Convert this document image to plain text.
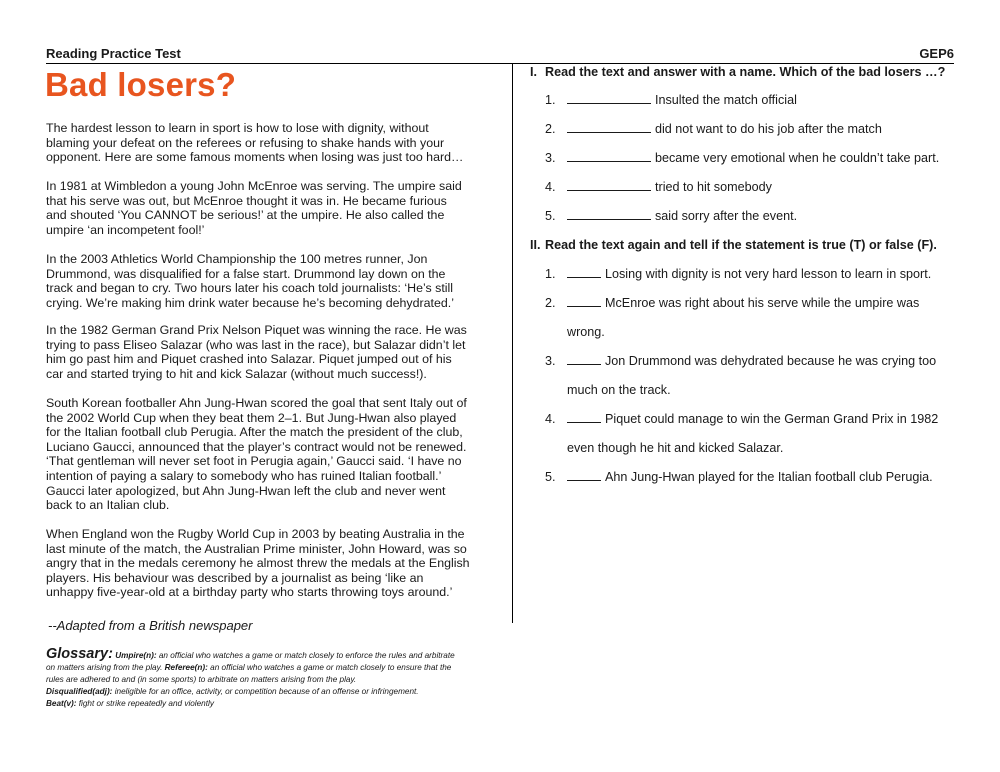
Reading Practice Test	GEP6
Bad losers?
The hardest lesson to learn in sport is how to lose with dignity, without
blaming your defeat on the referees or refusing to shake hands with your
opponent. Here are some famous moments when losing was just too hard…
In 1981 at Wimbledon a young John McEnroe was serving. The umpire said
that his serve was out, but McEnroe thought it was in. He became furious
and shouted ‘You CANNOT be serious!’ at the umpire. He also called the
umpire ‘an incompetent fool!’
In the 2003 Athletics World Championship the 100 metres runner, Jon
Drummond, was disqualified for a false start. Drummond lay down on the
track and began to cry. Two hours later his coach told journalists: ‘He’s still
crying. We’re making him drink water because he’s becoming dehydrated.’
In the 1982 German Grand Prix Nelson Piquet was winning the race. He was
trying to pass Eliseo Salazar (who was last in the race), but Salazar didn’t let
him go past him and Piquet crashed into Salazar. Piquet jumped out of his
car and started trying to hit and kick Salazar (without much success!).
South Korean footballer Ahn Jung-Hwan scored the goal that sent Italy out of
the 2002 World Cup when they beat them 2–1. But Jung-Hwan also played
for the Italian football club Perugia. After the match the president of the club,
Luciano Gaucci, announced that the player’s contract would not be renewed.
‘That gentleman will never set foot in Perugia again,’ Gaucci said. ‘I have no
intention of paying a salary to somebody who has ruined Italian football.’
Gaucci later apologized, but Ahn Jung-Hwan left the club and never went
back to an Italian club.
When England won the Rugby World Cup in 2003 by beating Australia in the
last minute of the match, the Australian Prime minister, John Howard, was so
angry that in the medals ceremony he almost threw the medals at the English
players. His behaviour was described by a journalist as being ‘like an
unhappy five-year-old at a birthday party who starts throwing toys around.’
--Adapted from a British newspaper
Glossary: Umpire(n): an official who watches a game or match closely to enforce the rules and arbitrate on matters arising from the play. Referee(n): an official who watches a game or match closely to ensure that the rules are adhered to and (in some sports) to arbitrate on matters arising from the play.
Disqualified(adj): ineligible for an office, activity, or competition because of an offense or infringement.
Beat(v): fight or strike repeatedly and violently
I. Read the text and answer with a name. Which of the bad losers …?
1.	Insulted the match official
2.	did not want to do his job after the match
3.	became very emotional when he couldn’t take part.
4.	tried to hit somebody
5.	said sorry after the event.
II. Read the text again and tell if the statement is true (T) or false (F).
1.	Losing with dignity is not very hard lesson to learn in sport.
2.	McEnroe was right about his serve while the umpire was
wrong.
3.	Jon Drummond was dehydrated because he was crying too
much on the track.
4.	Piquet could manage to win the German Grand Prix in 1982
even though he hit and kicked Salazar.
5.	Ahn Jung-Hwan played for the Italian football club Perugia.
